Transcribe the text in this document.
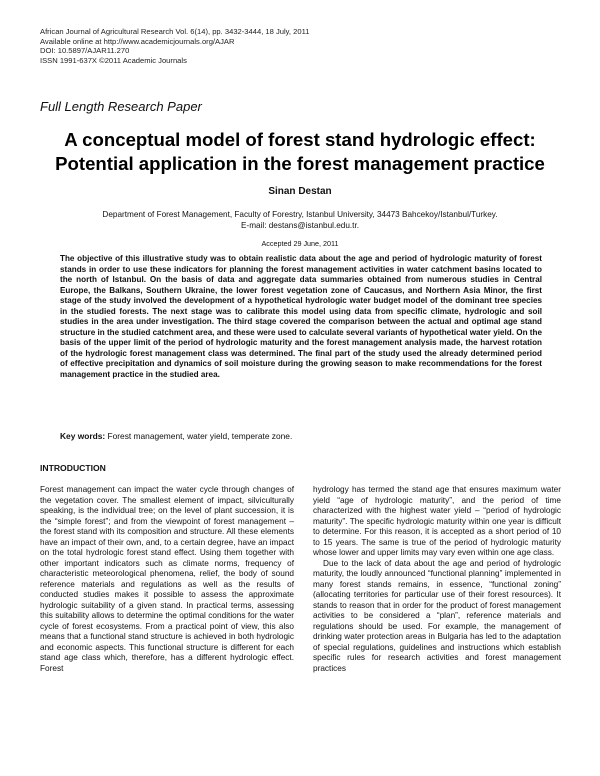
African Journal of Agricultural Research Vol. 6(14), pp. 3432-3444, 18 July, 2011
Available online at http://www.academicjournals.org/AJAR
DOI: 10.5897/AJAR11.270
ISSN 1991-637X ©2011 Academic Journals
Full Length Research Paper
A conceptual model of forest stand hydrologic effect:
Potential application in the forest management practice
Sinan Destan
Department of Forest Management, Faculty of Forestry, Istanbul University, 34473 Bahcekoy/Istanbul/Turkey.
E-mail: destans@istanbul.edu.tr.
Accepted 29 June, 2011
The objective of this illustrative study was to obtain realistic data about the age and period of hydrologic maturity of forest stands in order to use these indicators for planning the forest management activities in water catchment basins located to the north of Istanbul. On the basis of data and aggregate data summaries obtained from numerous studies in Central Europe, the Balkans, Southern Ukraine, the lower forest vegetation zone of Caucasus, and Northern Asia Minor, the first stage of the study involved the development of a hypothetical hydrologic water budget model of the dominant tree species in the studied forests. The next stage was to calibrate this model using data from specific climate, hydrologic and soil studies in the area under investigation. The third stage covered the comparison between the actual and optimal age stand structure in the studied catchment area, and these were used to calculate several variants of hypothetical water yield. On the basis of the upper limit of the period of hydrologic maturity and the forest management analysis made, the harvest rotation of the hydrologic forest management class was determined. The final part of the study used the already determined period of effective precipitation and dynamics of soil moisture during the growing season to make recommendations for the forest management practice in the studied area.
Key words: Forest management, water yield, temperate zone.
INTRODUCTION

Forest management can impact the water cycle through changes of the vegetation cover. The smallest element of impact, silviculturally speaking, is the individual tree; on the level of plant succession, it is the “simple forest”; and from the viewpoint of forest management – the forest stand with its composition and structure. All these elements have an impact of their own, and, to a certain degree, have an impact on the total hydrologic forest stand effect. Using them together with other important indicators such as climate norms, frequency of characteristic meteorological phenomena, relief, the body of sound reference materials and regulations as well as the results of conducted studies makes it possible to assess the approximate hydrologic suitability of a given stand. In practical terms, assessing this suitability allows to determine the optimal conditions for the water cycle of forest ecosystems. From a practical point of view, this also means that a functional stand structure is achieved in both hydrologic and economic aspects. This functional structure is different for each stand age class which, therefore, has a different hydrologic effect. Forest

hydrology has termed the stand age that ensures maximum water yield “age of hydrologic maturity”, and the period of time characterized with the highest water yield – “period of hydrologic maturity”. The specific hydrologic maturity within one year is difficult to determine. For this reason, it is accepted as a short period of 10 to 15 years. The same is true of the period of hydrologic maturity whose lower and upper limits may vary even within one age class.

Due to the lack of data about the age and period of hydrologic maturity, the loudly announced “functional planning” implemented in many forest stands remains, in essence, “functional zoning” (allocating territories for particular use of their forest resources). It stands to reason that in order for the product of forest management activities to be considered a “plan”, reference materials and regulations should be used. For example, the management of drinking water protection areas in Bulgaria has led to the adaptation of special regulations, guidelines and instructions which establish specific rules for research activities and forest management practices
